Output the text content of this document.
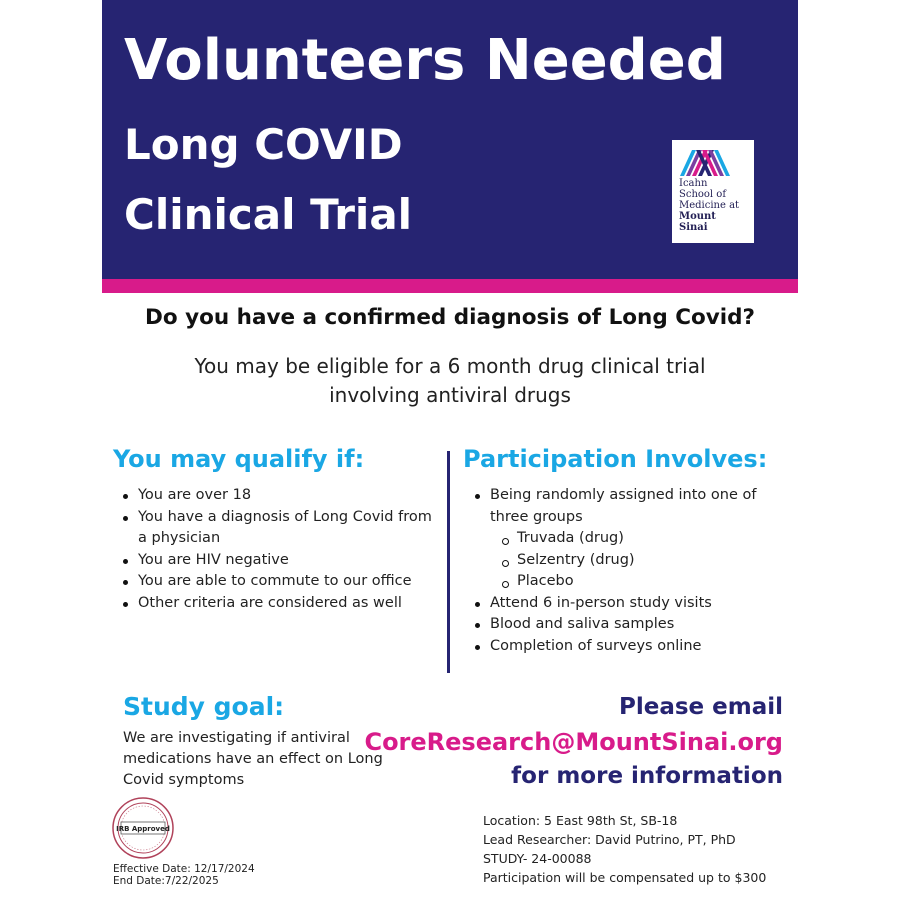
Volunteers Needed
Long COVID
Clinical Trial
Icahn
School of
Medicine at
Mount
Sinai
Do you have a confirmed diagnosis of Long Covid?
You may be eligible for a 6 month drug clinical trial
involving antiviral drugs
You may qualify if:
You are over 18
You have a diagnosis of Long Covid from a physician
You are HIV negative
You are able to commute to our office
Other criteria are considered as well
Participation Involves:
Being randomly assigned into one of three groups
Truvada (drug)
Selzentry (drug)
Placebo
Attend 6 in-person study visits
Blood and saliva samples
Completion of surveys online
Study goal:
We are investigating if antiviral medications have an effect on Long Covid symptoms
Please email
CoreResearch@MountSinai.org
for more information
Location: 5 East 98th St, SB-18
Lead Researcher: David Putrino, PT, PhD
STUDY- 24-00088
Participation will be compensated up to $300
IRB Approved
Effective Date: 12/17/2024
End Date:7/22/2025
